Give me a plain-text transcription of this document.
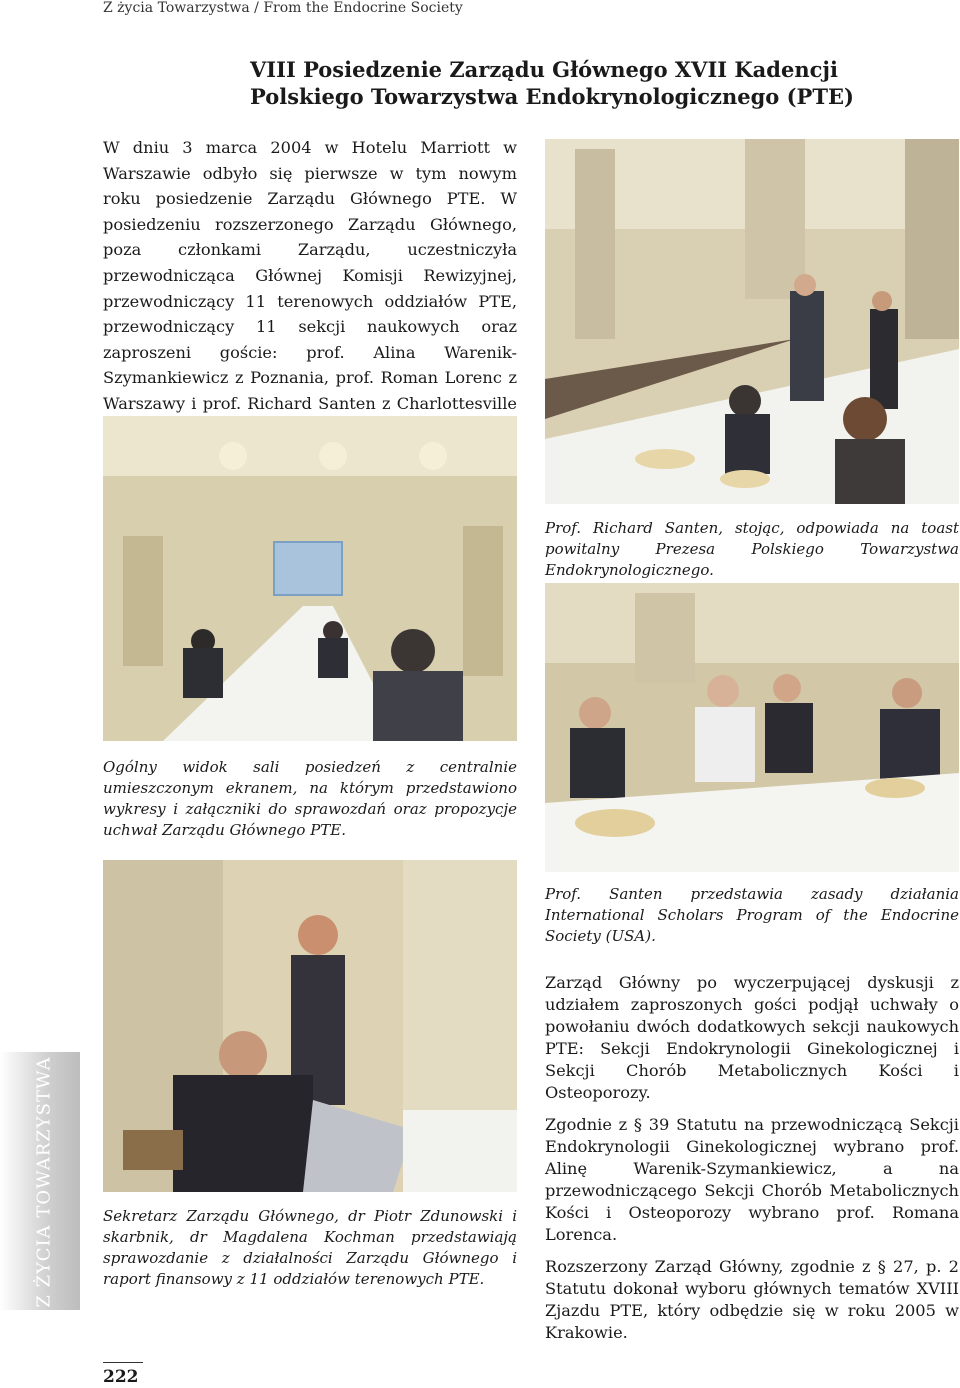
Z życia Towarzystwa / From the Endocrine Society
VIII Posiedzenie Zarządu Głównego XVII Kadencji
Polskiego Towarzystwa Endokrynologicznego (PTE)
W dniu 3 marca 2004 w Hotelu Marriott w Warszawie odbyło się pierwsze w tym nowym roku posiedzenie Zarządu Głównego PTE. W posiedzeniu rozszerzonego Zarządu Głównego, poza członkami Zarządu, uczestniczyła przewodnicząca Głównej Komisji Rewizyjnej, przewodniczący 11 terenowych oddziałów PTE, przewodniczący 11 sekcji naukowych oraz zaproszeni goście: prof. Alina Warenik-Szymankiewicz z Poznania, prof. Roman Lorenc z Warszawy i prof. Richard Santen z Charlottesville
Prof. Richard Santen, stojąc, odpowiada na toast powitalny Prezesa Polskiego Towarzystwa Endokrynologicznego.
Ogólny widok sali posiedzeń z centralnie umieszczonym ekranem, na którym przedstawiono wykresy i załączniki do sprawozdań oraz propozycje uchwał Zarządu Głównego PTE.
Prof. Santen przedstawia zasady działania International Scholars Program of the Endocrine Society (USA).
Sekretarz Zarządu Głównego, dr Piotr Zdunowski i skarbnik, dr Magdalena Kochman przedstawiają sprawozdanie z działalności Zarządu Głównego i raport finansowy z 11 oddziałów terenowych PTE.

Zarząd Główny po wyczerpującej dyskusji z udziałem zaproszonych gości podjął uchwały o powołaniu dwóch dodatkowych sekcji naukowych PTE: Sekcji Endokrynologii Ginekologicznej i Sekcji Chorób Metabolicznych Kości i Osteoporozy.

Zgodnie z § 39 Statutu na przewodniczącą Sekcji Endokrynologii Ginekologicznej wybrano prof. Alinę Warenik-Szymankiewicz, a na przewodniczącego Sekcji Chorób Metabolicznych Kości i Osteoporozy wybrano prof. Romana Lorenca.

Rozszerzony Zarząd Główny, zgodnie z § 27, p. 2 Statutu dokonał wyboru głównych tematów XVIII Zjazdu PTE, który odbędzie się w roku 2005 w Krakowie.

Z ŻYCIA TOWARZYSTWA
222
